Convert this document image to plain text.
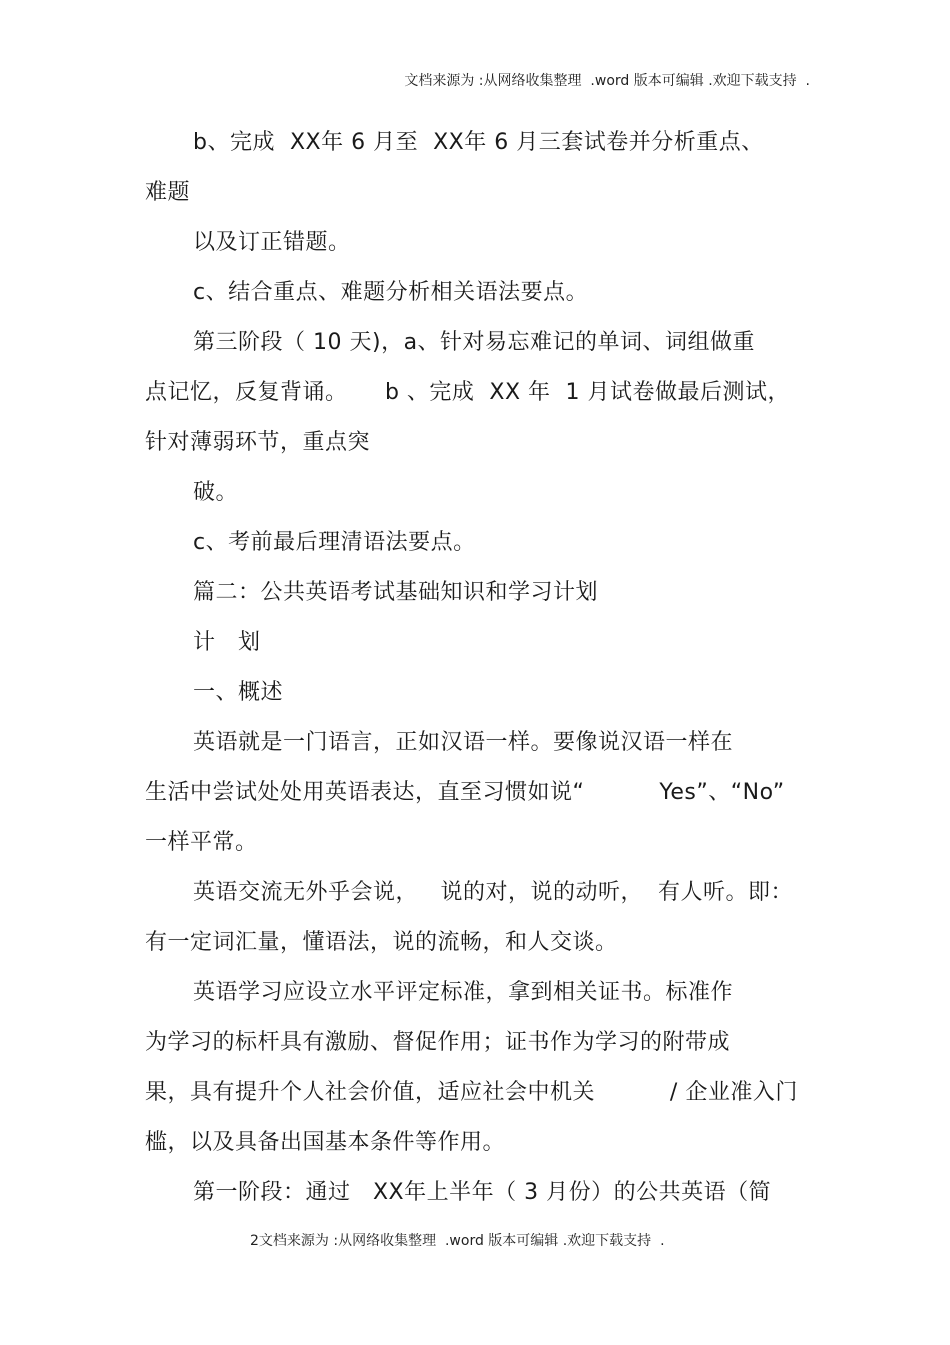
文档来源为 :从网络收集整理  .word 版本可编辑 .欢迎下载支持  .
b、完成  XX年 6 月至  XX年 6 月三套试卷并分析重点、
难题
以及订正错题。
c、结合重点、难题分析相关语法要点。
第三阶段（ 10 天)，a、针对易忘难记的单词、词组做重
点记忆，反复背诵。     b 、完成  XX 年  1 月试卷做最后测试，
针对薄弱环节，重点突
破。
c、考前最后理清语法要点。
篇二：公共英语考试基础知识和学习计划
计   划
一、概述
英语就是一门语言，正如汉语一样。要像说汉语一样在
生活中尝试处处用英语表达，直至习惯如说“          Yes”、“No”
一样平常。
英语交流无外乎会说，   说的对，说的动听，  有人听。即：
有一定词汇量，懂语法，说的流畅，和人交谈。
英语学习应设立水平评定标准，拿到相关证书。标准作
为学习的标杆具有激励、督促作用；证书作为学习的附带成
果，具有提升个人社会价值，适应社会中机关          / 企业准入门
槛，以及具备出国基本条件等作用。
第一阶段：通过   XX年上半年（ 3 月份）的公共英语（简
2文档来源为 :从网络收集整理  .word 版本可编辑 .欢迎下载支持  .
